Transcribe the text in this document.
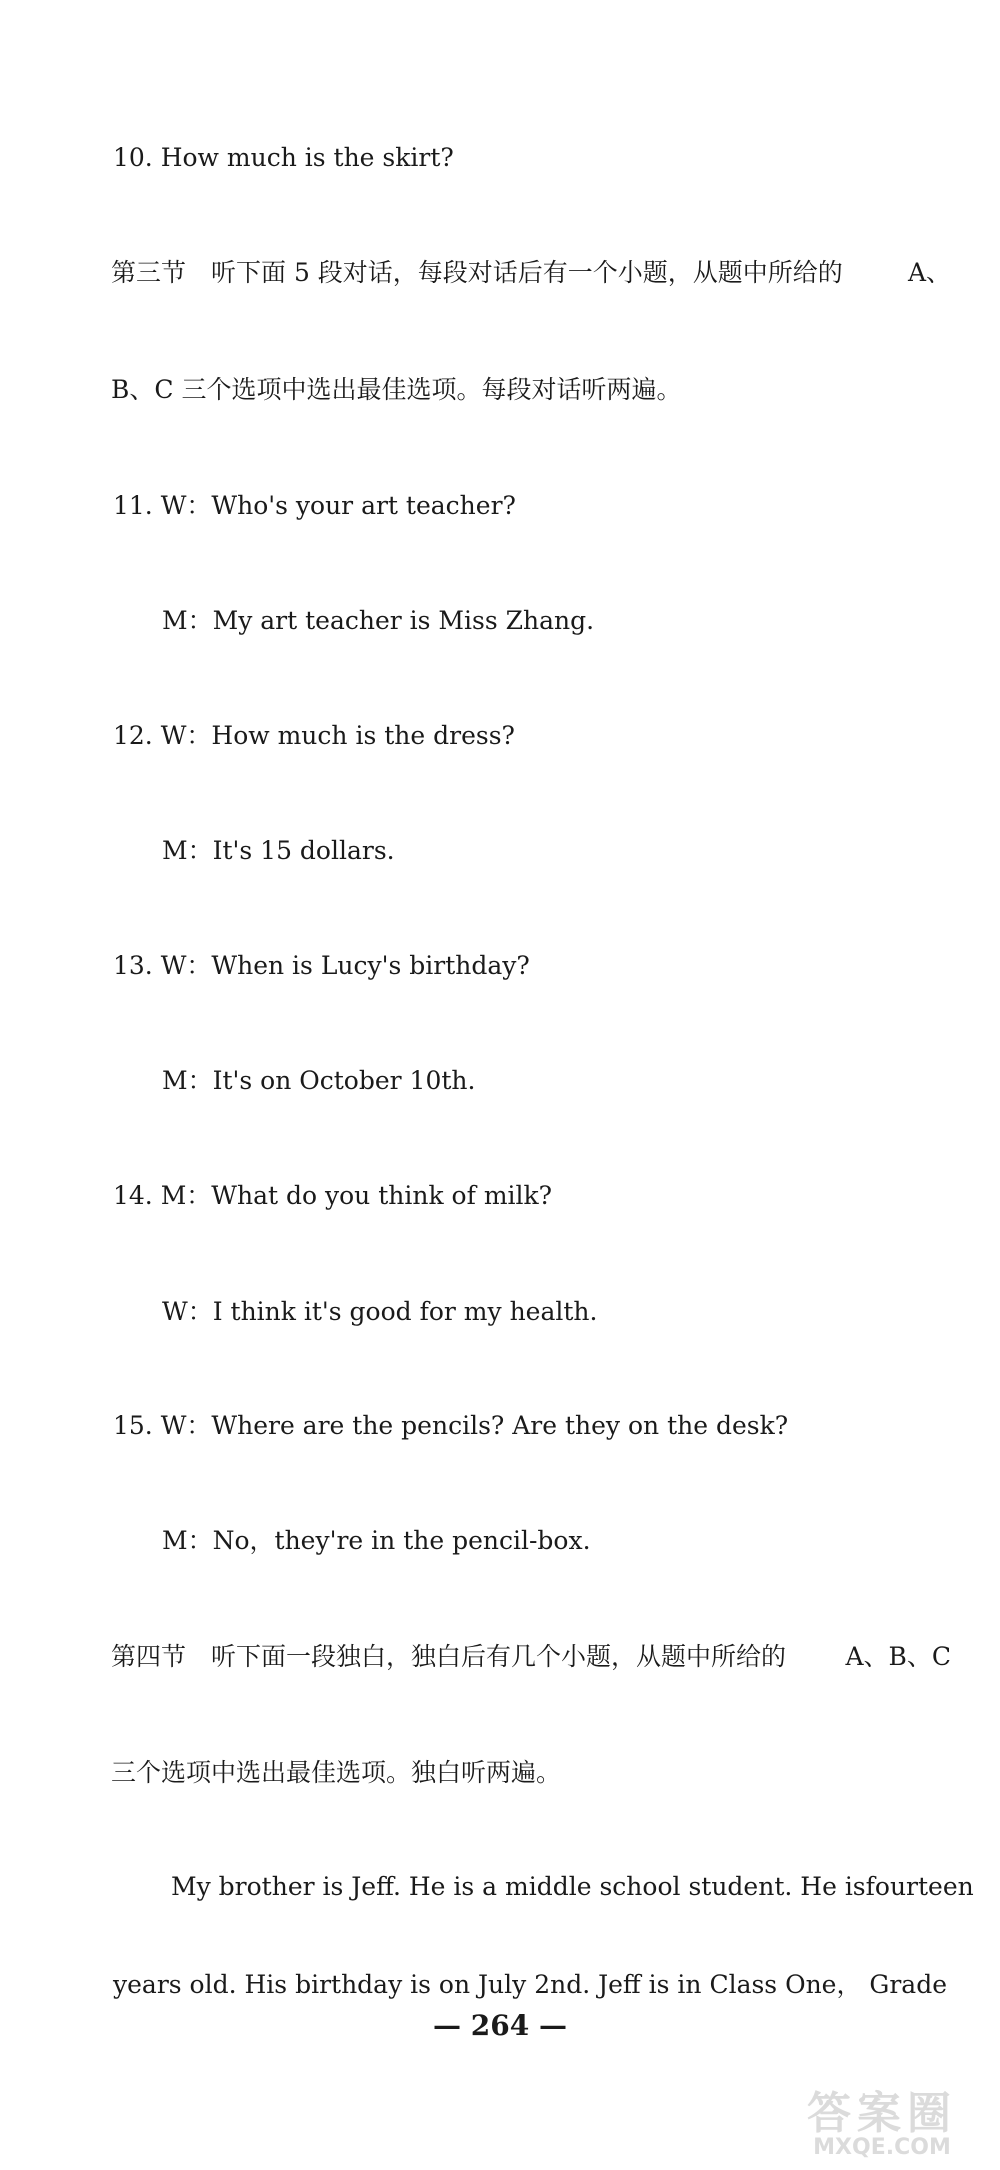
10. How much is the skirt?
第三节　听下面 5 段对话，每段对话后有一个小题，从题中所给的	A、
B、C 三个选项中选出最佳选项。每段对话听两遍。
11. W：Who's your art teacher?
M：My art teacher is Miss Zhang.
12. W：How much is the dress?
M：It's 15 dollars.
13. W：When is Lucy's birthday?
M：It's on October 10th.
14. M：What do you think of milk?
W：I think it's good for my health.
15. W：Where are the pencils? Are they on the desk?
M：No，they're in the pencil-box.
第四节　听下面一段独白，独白后有几个小题，从题中所给的 A、B、C
三个选项中选出最佳选项。独白听两遍。
My brother is Jeff. He is a middle school student. He is fourteen
years old. His birthday is on July 2nd. Jeff is in Class One， Grade
— 264 —
答案圈
MXQE.COM
